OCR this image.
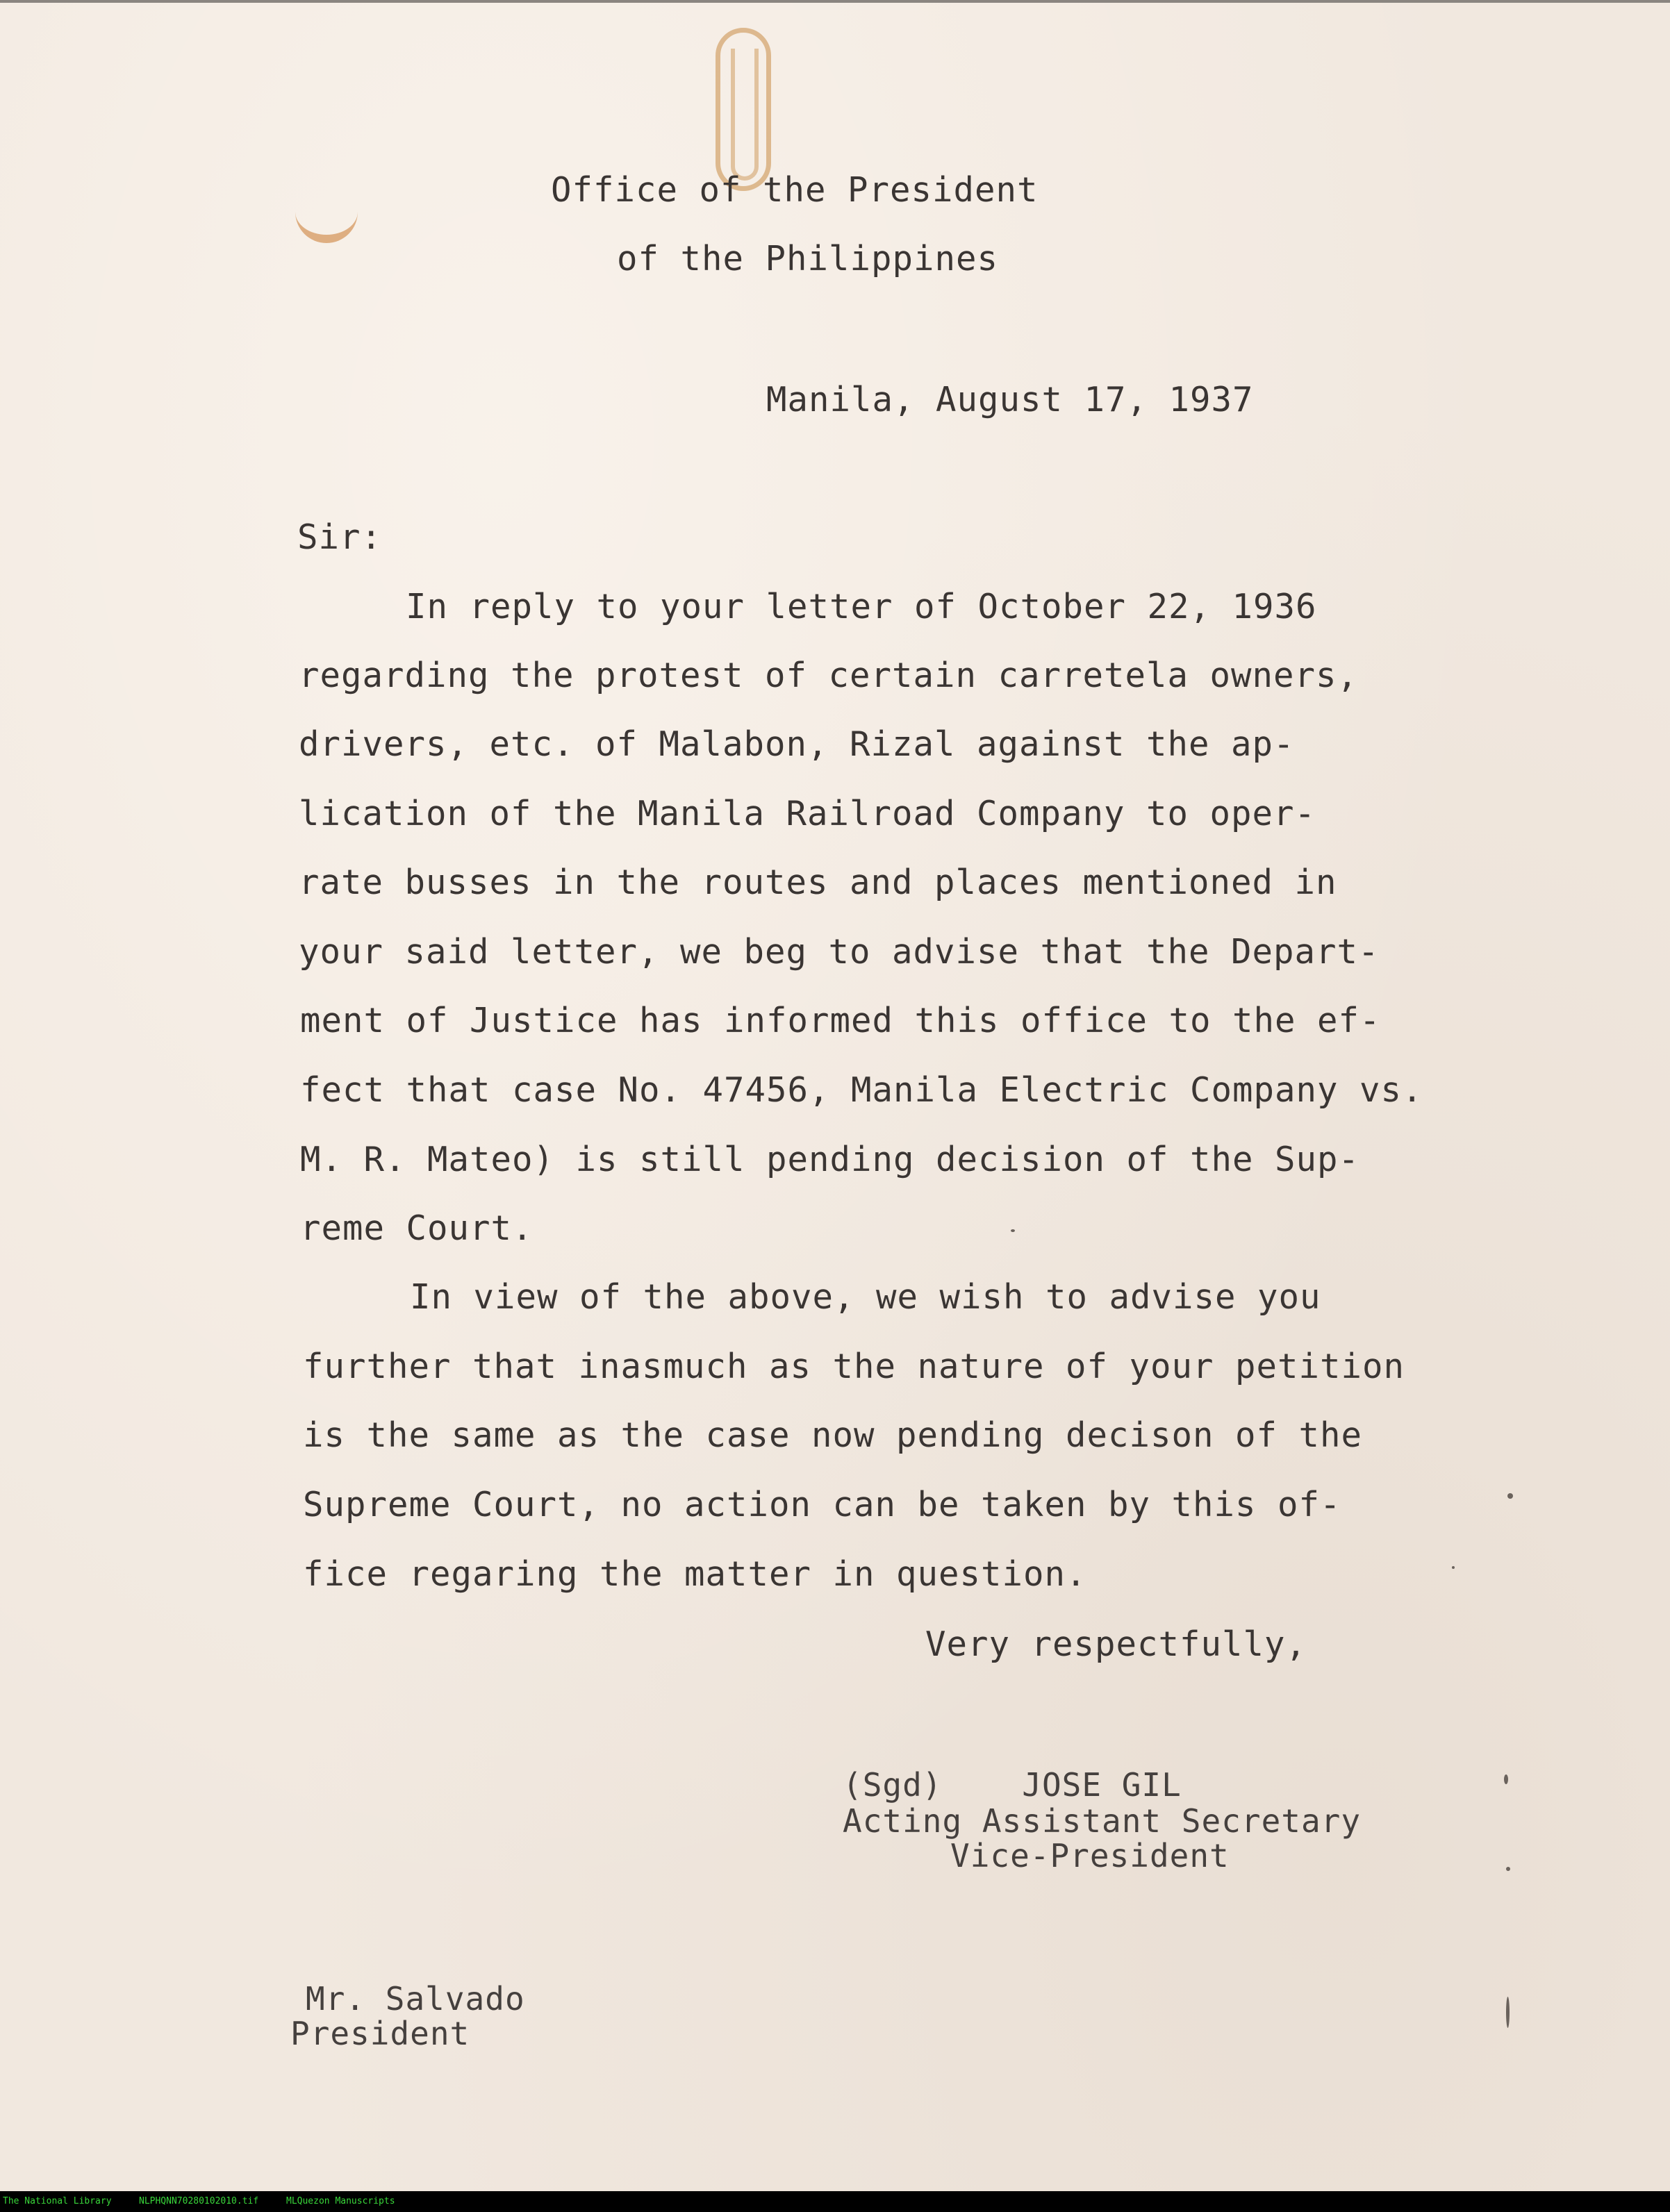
Office of the President
of the Philippines
Manila, August 17, 1937
Sir:
In reply to your letter of October 22, 1936
regarding the protest of certain carretela owners,
drivers, etc. of Malabon, Rizal against the ap-
lication of the Manila Railroad Company to oper-
rate busses in the routes and places mentioned in
your said letter, we beg to advise that the Depart-
ment of Justice has informed this office to the ef-
fect that case No. 47456, Manila Electric Company vs.
M. R. Mateo) is still pending decision of the Sup-
reme Court.
In view of the above, we wish to advise you
further that inasmuch as the nature of your petition
is the same as the case now pending decison of the
Supreme Court, no action can be taken by this of-
fice regaring the matter in question.
Very respectfully,
(Sgd)    JOSE GIL
Acting Assistant Secretary
Vice-President
Mr. Salvado
President
The National Library	NLPHQNN70280102010.tif	MLQuezon Manuscripts
